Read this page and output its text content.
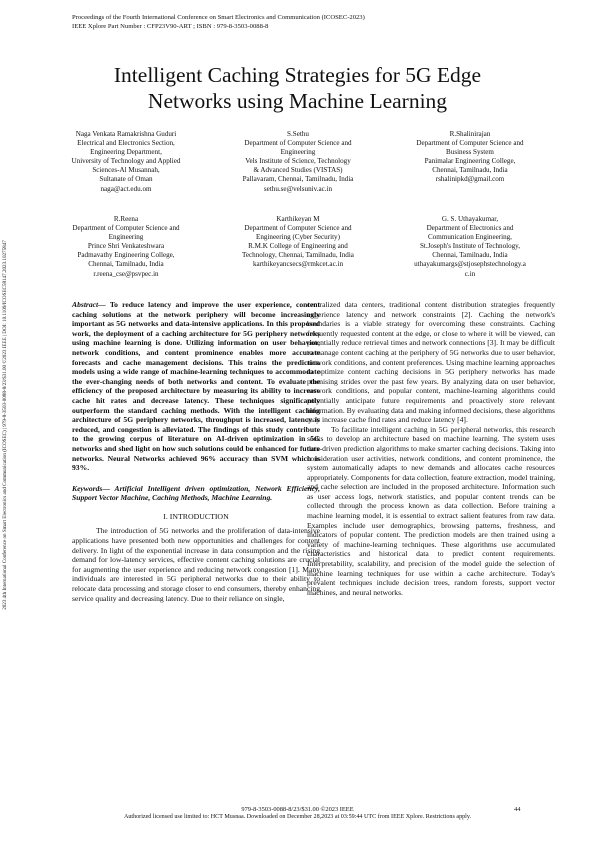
Proceedings of the Fourth International Conference on Smart Electronics and Communication (ICOSEC-2023)
IEEE Xplore Part Number : CFP23V90-ART ; ISBN : 979-8-3503-0088-8
2023 4th International Conference on Smart Electronics and Communication (ICOSEC) | 979-8-3503-0088-8/23/$31.00 ©2023 IEEE | DOI: 10.1109/ICOSEC58147.2023.10275847
Intelligent Caching Strategies for 5G Edge
Networks using Machine Learning
Naga Venkata Ramakrishna Guduri
Electrical and Electronics Section,
Engineering Department,
University of Technology and Applied
Sciences-Al Musannah,
Sultanate of Oman
naga@act.edu.om
S.Sethu
Department of Computer Science and
Engineering
Vels Institute of Science, Technology
& Advanced Studies (VISTAS)
Pallavaram, Chennai, Tamilnadu, India
sethu.se@velsuniv.ac.in
R.Shalinirajan
Department of Computer Science and
Business System
Panimalar Engineering College,
Chennai, Tamilnadu, India
rshalinipkd@gmail.com
R.Reena
Department of Computer Science and
Engineering
Prince Shri Venkateshwara
Padmavathy Engineering College,
Chennai, Tamilnadu, India
r.reena_cse@psvpec.in
Karthikeyan M
Department of Computer Science and
Engineering (Cyber Security)
R.M.K College of Engineering and
Technology, Chennai, Tamilnadu, India
karthikeyancsecs@rmkcet.ac.in
G. S. Uthayakumar,
Department of Electronics and
Communication Engineering,
St.Joseph's Institute of Technology,
Chennai, Tamilnadu, India
uthayakumargs@stjosephstechnology.a
c.in

Abstract— To reduce latency and improve the user experience, content caching solutions at the network periphery will become increasingly important as 5G networks and data-intensive applications. In this proposed work, the deployment of a caching architecture for 5G periphery networks using machine learning is done. Utilizing information on user behavior, network conditions, and content prominence enables more accurate forecasts and cache management decisions. This trains the prediction models using a wide range of machine-learning techniques to accommodate the ever-changing needs of both networks and content. To evaluate the efficiency of the proposed architecture by measuring its ability to increase cache hit rates and decrease latency. These techniques significantly outperform the standard caching methods. With the intelligent caching architecture of 5G periphery networks, throughput is increased, latency is reduced, and congestion is alleviated. The findings of this study contribute to the growing corpus of literature on AI-driven optimization in 5G networks and shed light on how such solutions could be enhanced for future networks. Neural Networks achieved 96% accuracy than SVM which is 93%.

Keywords— Artificial Intelligent driven optimization, Network Efficiency, Support Vector Machine, Caching Methods, Machine Learning.

I. INTRODUCTION

The introduction of 5G networks and the proliferation of data-intensive applications have presented both new opportunities and challenges for content delivery. In light of the exponential increase in data consumption and the rising demand for low-latency services, effective content caching solutions are crucial for augmenting the user experience and reducing network congestion [1]. Many individuals are interested in 5G peripheral networks due to their ability to relocate data processing and storage closer to end consumers, thereby enhancing service quality and decreasing latency. Due to their reliance on single,

centralized data centers, traditional content distribution strategies frequently experience latency and network constraints [2]. Caching the network's boundaries is a viable strategy for overcoming these constraints. Caching frequently requested content at the edge, or close to where it will be viewed, can potentially reduce retrieval times and network connections [3]. It may be difficult to manage content caching at the periphery of 5G networks due to user behavior, network conditions, and content preferences. Using machine learning approaches to optimize content caching decisions in 5G periphery networks has made promising strides over the past few years. By analyzing data on user behavior, network conditions, and popular content, machine-learning algorithms could potentially anticipate future requirements and proactively store relevant information. By evaluating data and making informed decisions, these algorithms may increase cache find rates and reduce latency [4].

To facilitate intelligent caching in 5G peripheral networks, this research seeks to develop an architecture based on machine learning. The system uses data-driven prediction algorithms to make smarter caching decisions. Taking into consideration user activities, network conditions, and content prominence, the system automatically adapts to new demands and allocates cache resources appropriately. Components for data collection, feature extraction, model training, and cache selection are included in the proposed architecture. Information such as user access logs, network statistics, and popular content trends can be collected through the process known as data collection. Before training a machine learning model, it is essential to extract salient features from raw data. Examples include user demographics, browsing patterns, freshness, and indicators of popular content. The prediction models are then trained using a variety of machine-learning techniques. These algorithms use accumulated characteristics and historical data to predict content requirements. Interpretability, scalability, and precision of the model guide the selection of machine learning techniques for use within a cache architecture. Today's prevalent techniques include decision trees, random forests, support vector machines, and neural networks.

979-8-3503-0088-8/23/$31.00 ©2023 IEEE	44
Authorized licensed use limited to: HCT Musnaa. Downloaded on December 28,2023 at 03:59:44 UTC from IEEE Xplore. Restrictions apply.
